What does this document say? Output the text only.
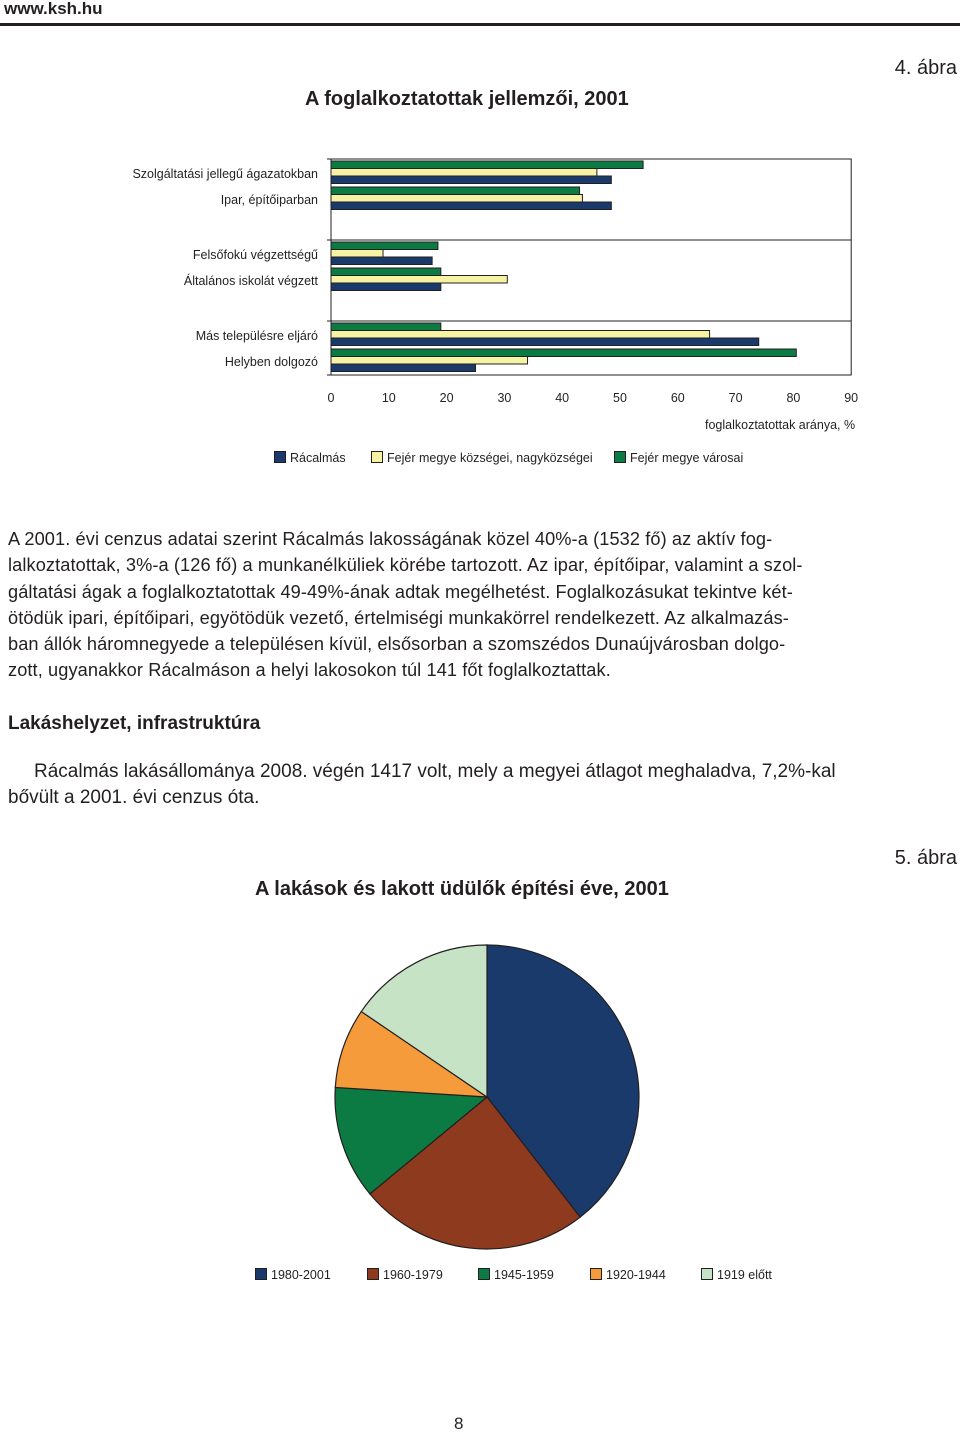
www.ksh.hu
4. ábra
A foglalkoztatottak jellemzői, 2001
Szolgáltatási jellegű ágazatokban
Ipar, építőiparban
Felsőfokú végzettségű
Általános iskolát végzett
Más településre eljáró
Helyben dolgozó
0	10	20	30	40	50	60	70	80	90
foglalkoztatottak aránya, %
Rácalmás	Fejér megye községei, nagyközségei	Fejér megye városai
A 2001. évi cenzus adatai szerint Rácalmás lakosságának közel 40%-a (1532 fő) az aktív fog-
lalkoztatottak, 3%-a (126 fő) a munkanélküliek körébe tartozott. Az ipar, építőipar, valamint a szol-
gáltatási ágak a foglalkoztatottak 49-49%-ának adtak megélhetést. Foglalkozásukat tekintve két-
ötödük ipari, építőipari, egyötödük vezető, értelmiségi munkakörrel rendelkezett. Az alkalmazás-
ban állók háromnegyede a településen kívül, elsősorban a szomszédos Dunaújvárosban dolgo-
zott, ugyanakkor Rácalmáson a helyi lakosokon túl 141 főt foglalkoztattak.
Lakáshelyzet, infrastruktúra
Rácalmás lakásállománya 2008. végén 1417 volt, mely a megyei átlagot meghaladva, 7,2%-kal
bővült a 2001. évi cenzus óta.
5. ábra
A lakások és lakott üdülők építési éve, 2001
1980-2001	1960-1979	1945-1959	1920-1944	1919 előtt
8
